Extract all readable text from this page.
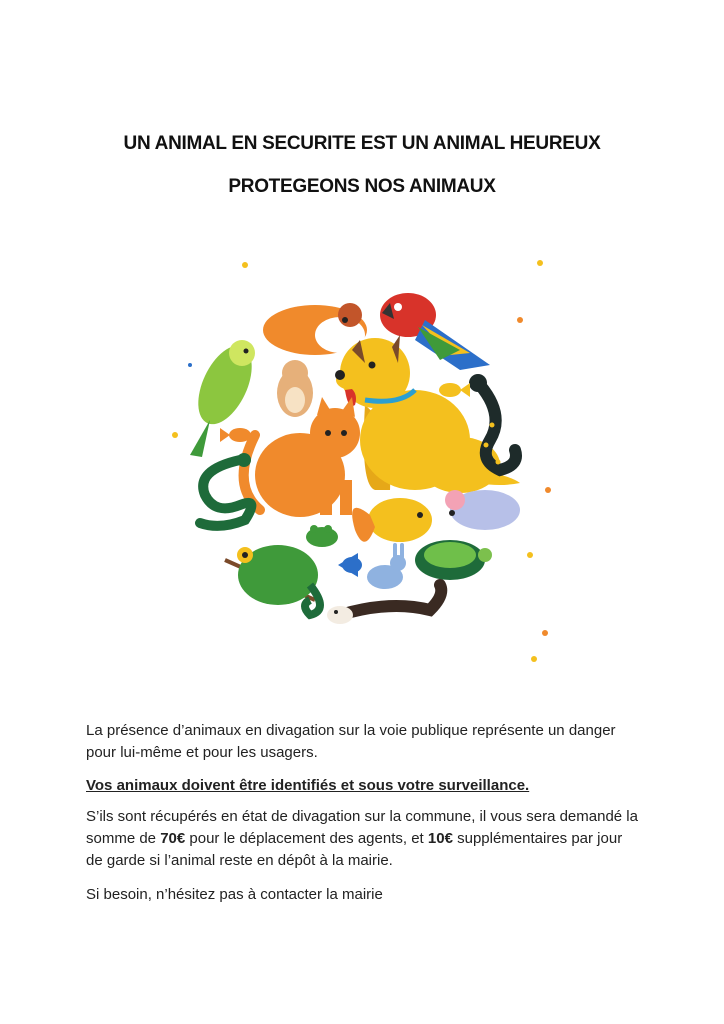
UN ANIMAL EN SECURITE EST UN ANIMAL HEUREUX
PROTEGEONS NOS ANIMAUX
La présence d’animaux en divagation sur la voie publique représente un danger pour lui-même et pour les usagers.
Vos animaux doivent être identifiés et sous votre surveillance.
S’ils sont récupérés en état de divagation sur la commune, il vous sera demandé la somme de 70€ pour le déplacement des agents, et 10€ supplémentaires par jour de garde si l’animal reste en dépôt à la mairie.
Si besoin, n’hésitez pas à contacter la mairie
